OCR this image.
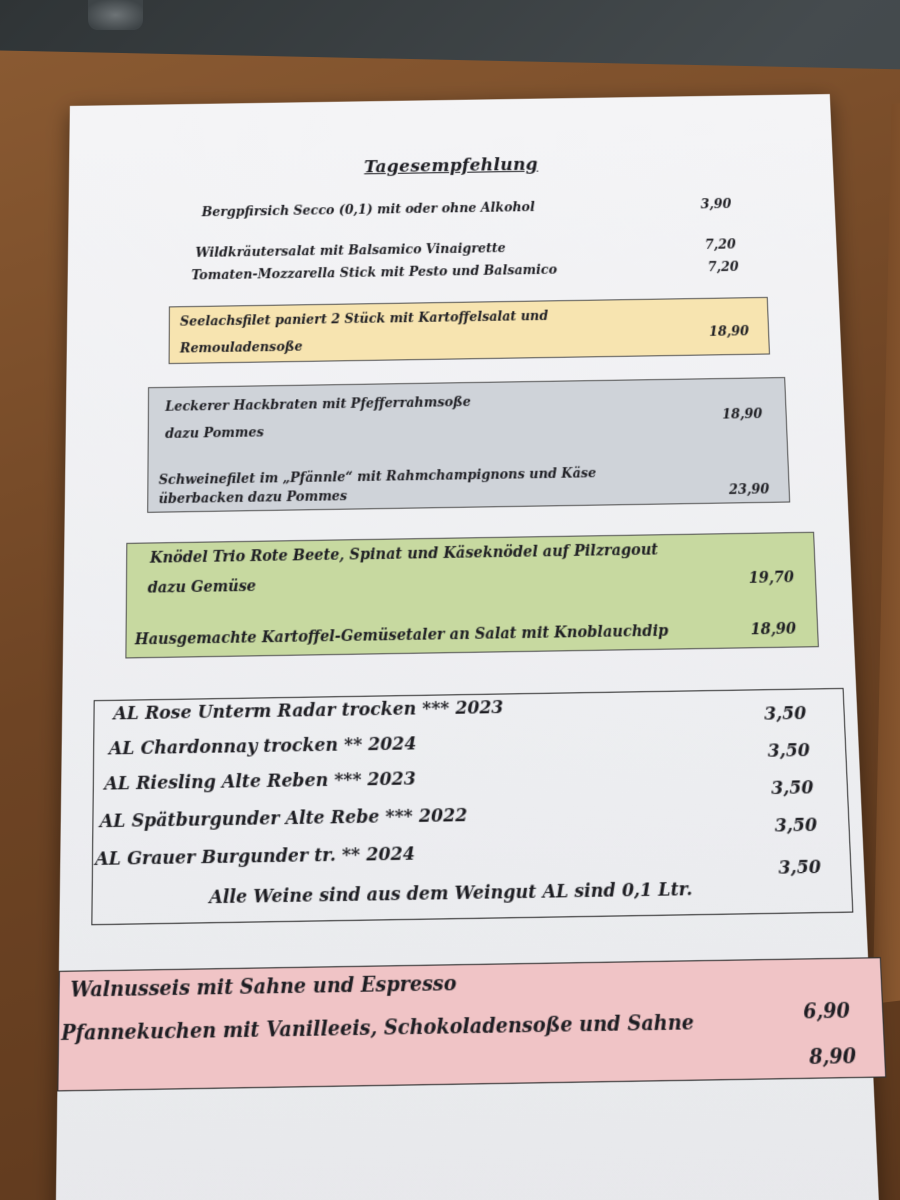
Tagesempfehlung
Bergpfirsich Secco (0,1) mit oder ohne Alkohol	3,90
Wildkräutersalat mit Balsamico Vinaigrette	7,20
Tomaten-Mozzarella Stick mit Pesto und Balsamico	7,20
Seelachsfilet paniert 2 Stück mit Kartoffelsalat und
Remouladensoße
18,90
Leckerer Hackbraten mit Pfefferrahmsoße
dazu Pommes
18,90
Schweinefilet im „Pfännle“ mit Rahmchampignons und Käse
überbacken dazu Pommes	23,90
Knödel Trio Rote Beete, Spinat und Käseknödel auf Pilzragout
dazu Gemüse	19,70
Hausgemachte Kartoffel-Gemüsetaler an Salat mit Knoblauchdip	18,90
AL Rose Unterm Radar trocken *** 2023	3,50
AL Chardonnay trocken ** 2024	3,50
AL Riesling Alte Reben *** 2023	3,50
AL Spätburgunder Alte Rebe *** 2022	3,50
AL Grauer Burgunder tr. ** 2024	3,50
Alle Weine sind aus dem Weingut AL sind 0,1 Ltr.
Walnusseis mit Sahne und Espresso
6,90
Pfannekuchen mit Vanilleeis, Schokoladensoße und Sahne
8,90
